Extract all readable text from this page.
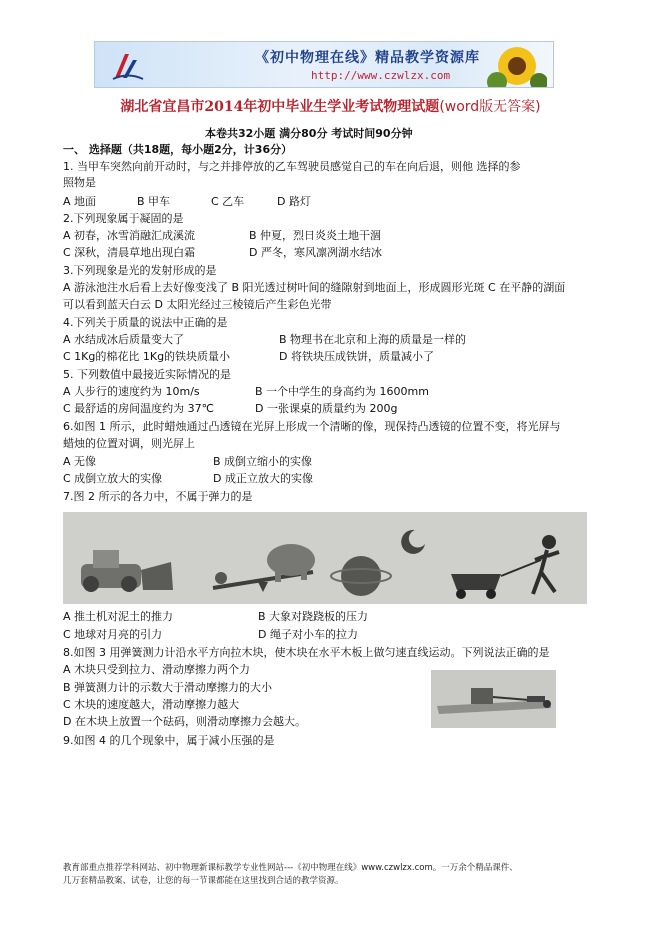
《初中物理在线》精品教学资源库
http://www.czwlzx.com
湖北省宜昌市2014年初中毕业生学业考试物理试题(word版无答案)
本卷共32小题 满分80分 考试时间90分钟
一、 选择题（共18题，每小题2分，计36分）
1. 当甲车突然向前开动时，与之并排停放的乙车驾驶员感觉自己的车在向后退，则他 选择的参
照物是
A 地面	B 甲车	C 乙车	D 路灯
2.下列现象属于凝固的是
A 初春，冰雪消融汇成溪流	B 仲夏，烈日炎炎土地干涸
C 深秋，清晨草地出现白霜	D 严冬，寒风凛冽湖水结冰
3.下列现象是光的发射形成的是
A 游泳池注水后看上去好像变浅了 B 阳光透过树叶间的缝隙射到地面上，形成圆形光斑 C 在平静的湖面
可以看到蓝天白云 D 太阳光经过三棱镜后产生彩色光带
4.下列关于质量的说法中正确的是
A 水结成冰后质量变大了	B 物理书在北京和上海的质量是一样的
C 1Kg的棉花比 1Kg的铁块质量小	D 将铁块压成铁饼，质量减小了
5. 下列数值中最接近实际情况的是
A 人步行的速度约为 10m/s	B 一个中学生的身高约为 1600mm
C 最舒适的房间温度约为 37℃	D 一张课桌的质量约为 200g
6.如图 1 所示，此时蜡烛通过凸透镜在光屏上形成一个清晰的像，现保持凸透镜的位置不变，将光屏与
蜡烛的位置对调，则光屏上
A 无像	B 成倒立缩小的实像
C 成倒立放大的实像	D 成正立放大的实像
7.图 2 所示的各力中，不属于弹力的是
A 推土机对泥土的推力	B 大象对跷跷板的压力
C 地球对月亮的引力	D 绳子对小车的拉力
8.如图 3 用弹簧测力计沿水平方向拉木块，使木块在水平木板上做匀速直线运动。下列说法正确的是
A 木块只受到拉力、滑动摩擦力两个力
B 弹簧测力计的示数大于滑动摩擦力的大小
C 木块的速度越大，滑动摩擦力越大
D 在木块上放置一个砝码，则滑动摩擦力会越大。
9.如图 4 的几个现象中，属于减小压强的是
教育部重点推荐学科网站、初中物理新课标教学专业性网站---《初中物理在线》www.czwlzx.com。一万余个精品课件、
几万套精品教案、试卷，让您的每一节课都能在这里找到合适的教学资源。
